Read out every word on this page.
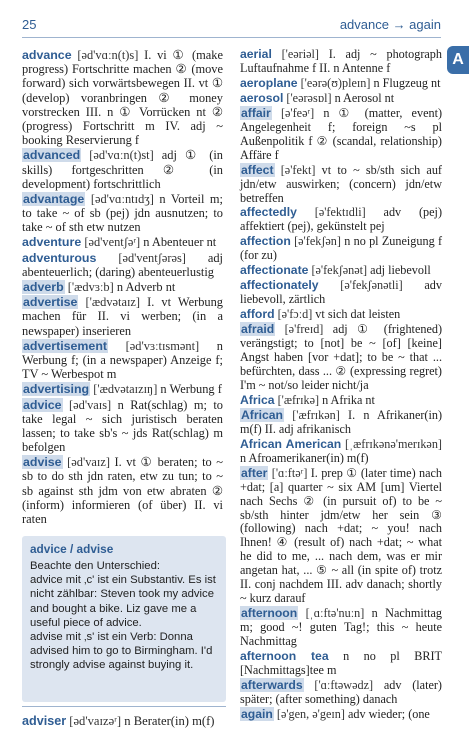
25	advance → again
A

advance [əd'vɑːn(t)s] I. vi ① (make progress) Fortschritte machen ② (move forward) sich vorwärtsbewegen II. vt ① (develop) voranbringen ② money vorstrecken III. n ① Vorrücken nt ② (progress) Fortschritt m IV. adj ~ booking Reservierung f

advanced [əd'vɑːn(t)st] adj ① (in skills) fortgeschritten ② (in development) fortschrittlich

advantage [əd'vɑːntɪdʒ] n Vorteil m; to take ~ of sb (pej) jdn ausnutzen; to take ~ of sth etw nutzen

adventure [əd'ventʃəʳ] n Abenteuer nt

adventurous [əd'ventʃərəs] adj abenteuerlich; (daring) abenteuerlustig

adverb ['ædvɜːb] n Adverb nt

advertise ['ædvətaɪz] I. vt Werbung machen für II. vi werben; (in a newspaper) inserieren

advertisement [əd'vɜːtɪsmənt] n Werbung f; (in a newspaper) Anzeige f; TV ~ Werbespot m

advertising ['ædvətaɪzɪŋ] n Werbung f

advice [əd'vaɪs] n Rat(schlag) m; to take legal ~ sich juristisch beraten lassen; to take sb's ~ jds Rat(schlag) m befolgen

advise [əd'vaɪz] I. vt ① beraten; to ~ sb to do sth jdn raten, etw zu tun; to ~ sb against sth jdm von etw abraten ② (inform) informieren (of über) II. vi raten

advice / advise

Beachte den Unterschied:

advice mit ‚c' ist ein Substantiv. Es ist nicht zählbar: Steven took my advice and bought a bike. Liz gave me a useful piece of advice.

advise mit ‚s' ist ein Verb: Donna advised him to go to Birmingham. I'd strongly advise against buying it.

adviser [əd'vaɪzəʳ] n Berater(in) m(f)

aerial ['eəriəl] I. adj ~ photograph Luftaufnahme f II. n Antenne f

aeroplane ['eərə(ʊ)pleɪn] n Flugzeug nt

aerosol ['eərəsɒl] n Aerosol nt

affair [ə'feəʳ] n ① (matter, event) Angelegenheit f; foreign ~s pl Außenpolitik f ② (scandal, relationship) Affäre f

affect [ə'fekt] vt to ~ sb/sth sich auf jdn/etw auswirken; (concern) jdn/etw betreffen

affectedly [ə'fektɪdli] adv (pej) affektiert (pej), gekünstelt pej

affection [ə'fekʃən] n no pl Zuneigung f (for zu)

affectionate [ə'fekʃənət] adj liebevoll

affectionately [ə'fekʃənətli] adv liebevoll, zärtlich

afford [ə'fɔːd] vt sich dat leisten

afraid [ə'freɪd] adj ① (frightened) verängstigt; to [not] be ~ [of] [keine] Angst haben [vor +dat]; to be ~ that ... befürchten, dass ... ② (expressing regret) I'm ~ not/so leider nicht/ja

Africa ['æfrɪkə] n Afrika nt

African ['æfrɪkən] I. n Afrikaner(in) m(f) II. adj afrikanisch

African American [ˌæfrɪkənə'merɪkən] n Afroamerikaner(in) m(f)

after ['ɑːftəʳ] I. prep ① (later time) nach +dat; [a] quarter ~ six AM [um] Viertel nach Sechs ② (in pursuit of) to be ~ sb/sth hinter jdm/etw her sein ③ (following) nach +dat; ~ you! nach Ihnen! ④ (result of) nach +dat; ~ what he did to me, ... nach dem, was er mir angetan hat, ... ⑤ ~ all (in spite of) trotz II. conj nachdem III. adv danach; shortly ~ kurz darauf

afternoon [ˌɑːftə'nuːn] n Nachmittag m; good ~! guten Tag!; this ~ heute Nachmittag

afternoon tea n no pl BRIT [Nachmittags]tee m

afterwards ['ɑːftəwədz] adv (later) später; (after something) danach

again [ə'gen, ə'geɪn] adv wieder; (one
